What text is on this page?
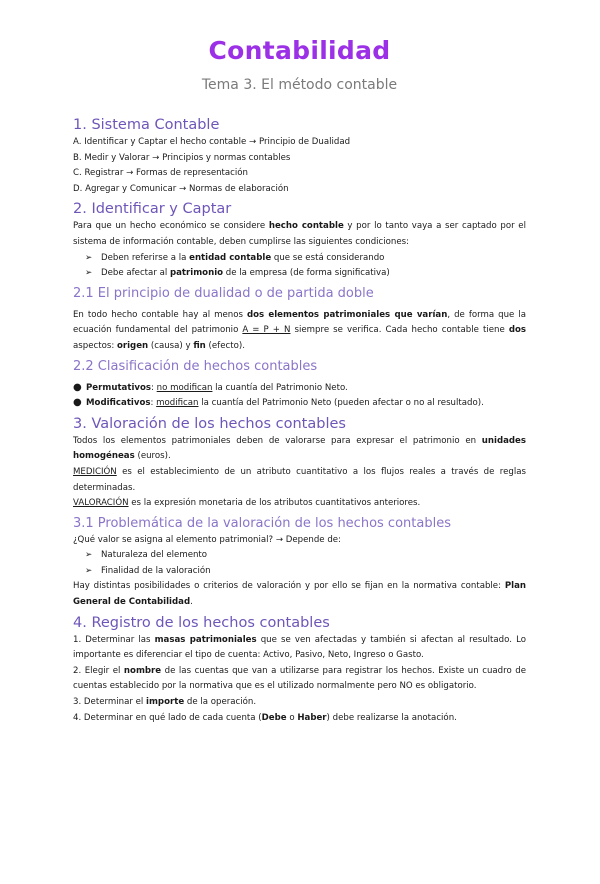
Contabilidad
Tema 3. El método contable
1. Sistema Contable

A. Identificar y Captar el hecho contable → Principio de Dualidad

B. Medir y Valorar → Principios y normas contables

C. Registrar → Formas de representación

D. Agregar y Comunicar → Normas de elaboración

2. Identificar y Captar

Para que un hecho económico se considere hecho contable y por lo tanto vaya a ser captado por el sistema de información contable, deben cumplirse las siguientes condiciones:

➢ Deben referirse a la entidad contable que se está considerando
➢ Debe afectar al patrimonio de la empresa (de forma significativa)
2.1 El principio de dualidad o de partida doble

En todo hecho contable hay al menos dos elementos patrimoniales que varían, de forma que la ecuación fundamental del patrimonio A = P + N siempre se verifica. Cada hecho contable tiene dos aspectos: origen (causa) y fin (efecto).

2.2 Clasificación de hechos contables
● Permutativos: no modifican la cuantía del Patrimonio Neto.
● Modificativos: modifican la cuantía del Patrimonio Neto (pueden afectar o no al resultado).
3. Valoración de los hechos contables

Todos los elementos patrimoniales deben de valorarse para expresar el patrimonio en unidades homogéneas (euros).

MEDICIÓN es el establecimiento de un atributo cuantitativo a los flujos reales a través de reglas determinadas.

VALORACIÓN es la expresión monetaria de los atributos cuantitativos anteriores.

3.1 Problemática de la valoración de los hechos contables

¿Qué valor se asigna al elemento patrimonial? → Depende de:

➢ Naturaleza del elemento
➢ Finalidad de la valoración

Hay distintas posibilidades o criterios de valoración y por ello se fijan en la normativa contable: Plan General de Contabilidad.

4. Registro de los hechos contables

1. Determinar las masas patrimoniales que se ven afectadas y también si afectan al resultado. Lo importante es diferenciar el tipo de cuenta: Activo, Pasivo, Neto, Ingreso o Gasto.

2. Elegir el nombre de las cuentas que van a utilizarse para registrar los hechos. Existe un cuadro de cuentas establecido por la normativa que es el utilizado normalmente pero NO es obligatorio.

3. Determinar el importe de la operación.

4. Determinar en qué lado de cada cuenta (Debe o Haber) debe realizarse la anotación.
